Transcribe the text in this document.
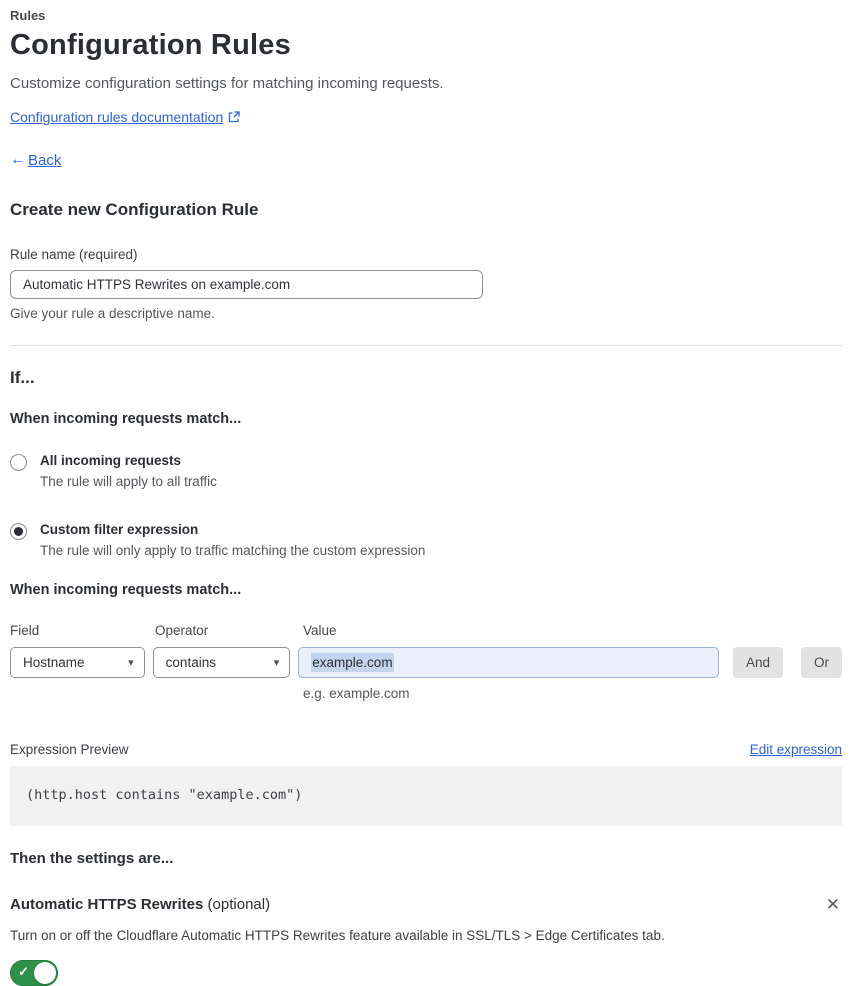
Rules
Configuration Rules
Customize configuration settings for matching incoming requests.
Configuration rules documentation
← Back
Create new Configuration Rule
Rule name (required)
Automatic HTTPS Rewrites on example.com
Give your rule a descriptive name.
If...
When incoming requests match...
All incoming requests
The rule will apply to all traffic
Custom filter expression
The rule will only apply to traffic matching the custom expression
When incoming requests match...
Field	Operator	Value
Hostname	▾ contains	▾ example.com	And	Or
e.g. example.com
Expression Preview	Edit expression
(http.host contains "example.com")
Then the settings are...
Automatic HTTPS Rewrites (optional)	✕
Turn on or off the Cloudflare Automatic HTTPS Rewrites feature available in SSL/TLS > Edge Certificates tab.
✓
